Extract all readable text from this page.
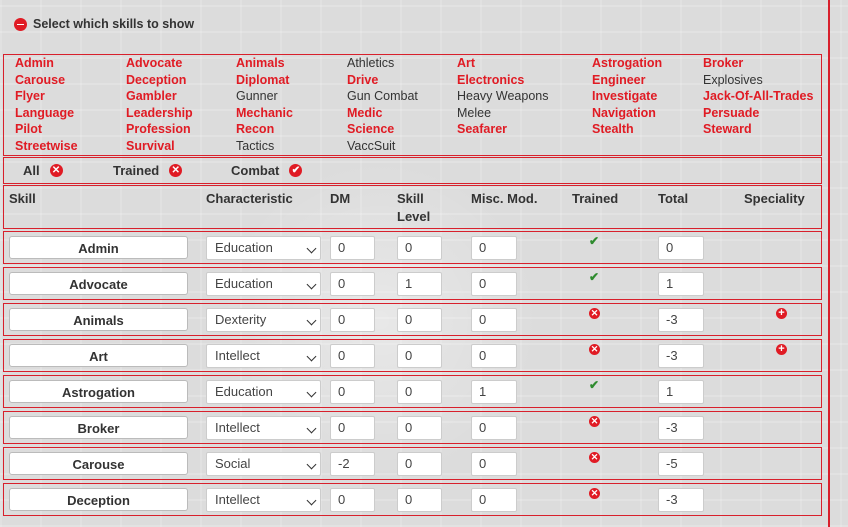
Select which skills to show
Admin
Carouse
Flyer
Language
Pilot
Streetwise
Advocate
Deception
Gambler
Leadership
Profession
Survival
Animals
Diplomat
Gunner
Mechanic
Recon
Tactics
Athletics
Drive
Gun Combat
Medic
Science
VaccSuit
Art
Electronics
Heavy Weapons
Melee
Seafarer
Astrogation
Engineer
Investigate
Navigation
Stealth
Broker
Explosives
Jack-Of-All-Trades
Persuade
Steward
All ✕	Trained ✕	Combat ✔
Skill	Characteristic	DM	Skill
Level
Misc. Mod.	Trained	Total	Speciality
Admin	Education	0	0	0	✔	0
Advocate	Education	0	1	0	✔	1
Animals	Dexterity	0	0	0	✕	-3	+
Art	Intellect	0	0	0	✕	-3	+
Astrogation	Education	0	0	1	✔	1
Broker	Intellect	0	0	0	✕	-3
Carouse	Social	-2	0	0	✕	-5
Deception	Intellect	0	0	0	✕	-3
